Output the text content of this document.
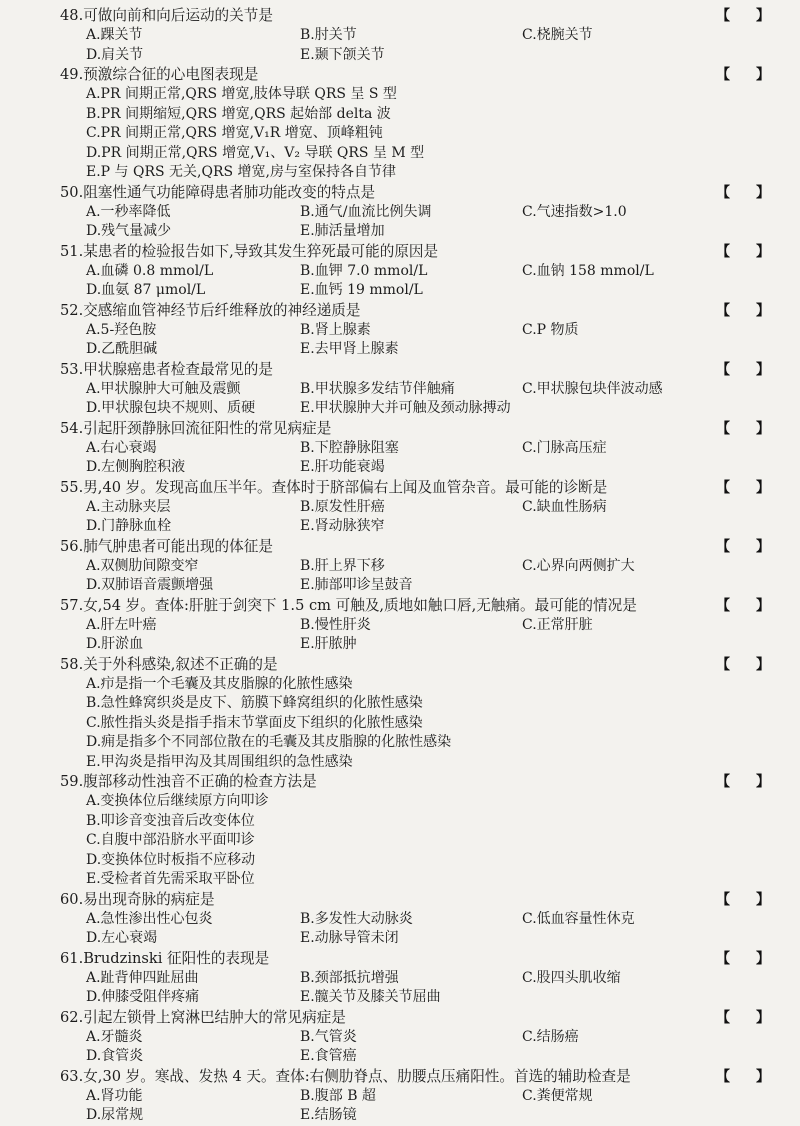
48.可做向前和向后运动的关节是	【 】
A.踝关节	B.肘关节	C.桡腕关节
D.肩关节	E.颞下颌关节
49.预激综合征的心电图表现是	【 】
A.PR 间期正常,QRS 增宽,肢体导联 QRS 呈 S 型
B.PR 间期缩短,QRS 增宽,QRS 起始部 delta 波
C.PR 间期正常,QRS 增宽,V₁R 增宽、顶峰粗钝
D.PR 间期正常,QRS 增宽,V₁、V₂ 导联 QRS 呈 M 型
E.P 与 QRS 无关,QRS 增宽,房与室保持各自节律
50.阻塞性通气功能障碍患者肺功能改变的特点是	【 】
A.一秒率降低	B.通气/血流比例失调	C.气速指数>1.0
D.残气量减少	E.肺活量增加
51.某患者的检验报告如下,导致其发生猝死最可能的原因是	【 】
A.血磷 0.8 mmol/L	B.血钾 7.0 mmol/L	C.血钠 158 mmol/L
D.血氨 87 μmol/L	E.血钙 19 mmol/L
52.交感缩血管神经节后纤维释放的神经递质是	【 】
A.5-羟色胺	B.肾上腺素	C.P 物质
D.乙酰胆碱	E.去甲肾上腺素
53.甲状腺癌患者检查最常见的是	【 】
A.甲状腺肿大可触及震颤	B.甲状腺多发结节伴触痛	C.甲状腺包块伴波动感
D.甲状腺包块不规则、质硬	E.甲状腺肿大并可触及颈动脉搏动
54.引起肝颈静脉回流征阳性的常见病症是	【 】
A.右心衰竭	B.下腔静脉阻塞	C.门脉高压症
D.左侧胸腔积液	E.肝功能衰竭
55.男,40 岁。发现高血压半年。查体时于脐部偏右上闻及血管杂音。最可能的诊断是	【 】
A.主动脉夹层	B.原发性肝癌	C.缺血性肠病
D.门静脉血栓	E.肾动脉狭窄
56.肺气肿患者可能出现的体征是	【 】
A.双侧肋间隙变窄	B.肝上界下移	C.心界向两侧扩大
D.双肺语音震颤增强	E.肺部叩诊呈鼓音
57.女,54 岁。查体:肝脏于剑突下 1.5 cm 可触及,质地如触口唇,无触痛。最可能的情况是	【 】
A.肝左叶癌	B.慢性肝炎	C.正常肝脏
D.肝淤血	E.肝脓肿
58.关于外科感染,叙述不正确的是	【 】
A.疖是指一个毛囊及其皮脂腺的化脓性感染
B.急性蜂窝织炎是皮下、筋膜下蜂窝组织的化脓性感染
C.脓性指头炎是指手指末节掌面皮下组织的化脓性感染
D.痈是指多个不同部位散在的毛囊及其皮脂腺的化脓性感染
E.甲沟炎是指甲沟及其周围组织的急性感染
59.腹部移动性浊音不正确的检查方法是	【 】
A.变换体位后继续原方向叩诊
B.叩诊音变浊音后改变体位
C.自腹中部沿脐水平面叩诊
D.变换体位时板指不应移动
E.受检者首先需采取平卧位
60.易出现奇脉的病症是	【 】
A.急性渗出性心包炎	B.多发性大动脉炎	C.低血容量性休克
D.左心衰竭	E.动脉导管未闭
61.Brudzinski 征阳性的表现是	【 】
A.趾背伸四趾屈曲	B.颈部抵抗增强	C.股四头肌收缩
D.伸膝受阻伴疼痛	E.髋关节及膝关节屈曲
62.引起左锁骨上窝淋巴结肿大的常见病症是	【 】
A.牙髓炎	B.气管炎	C.结肠癌
D.食管炎	E.食管癌
63.女,30 岁。寒战、发热 4 天。查体:右侧肋脊点、肋腰点压痛阳性。首选的辅助检查是	【 】
A.肾功能	B.腹部 B 超	C.粪便常规
D.尿常规	E.结肠镜
